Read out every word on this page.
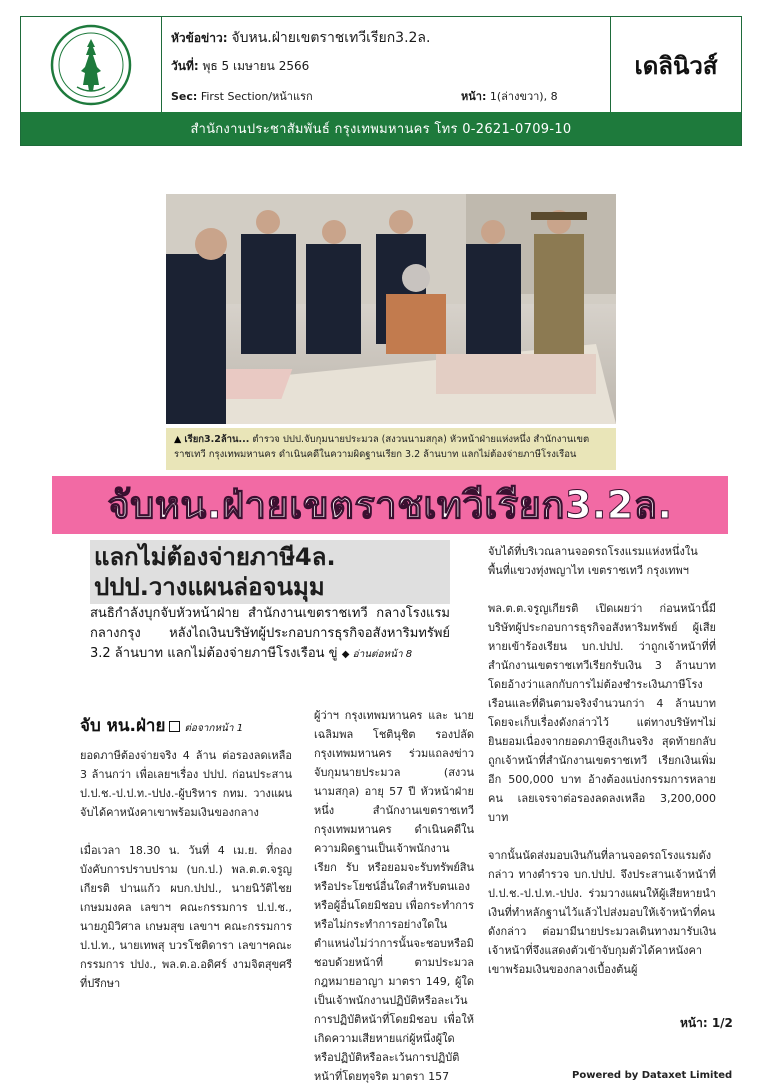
หัวข้อข่าว: จับหน.ฝ่ายเขตราชเทวีเรียก3.2ล.
วันที่: พุธ 5 เมษายน 2566
Sec: First Section/หน้าแรก	หน้า: 1(ล่างขวา), 8
เดลินิวส์
สำนักงานประชาสัมพันธ์ กรุงเทพมหานคร โทร 0-2621-0709-10
▲ เรียก3.2ล้าน... ตำรวจ ปปป.จับกุมนายประมวล (สงวนนามสกุล) หัวหน้าฝ่ายแห่งหนึ่ง สำนักงานเขตราชเทวี กรุงเทพมหานคร ดำเนินคดีในความผิดฐานเรียก 3.2 ล้านบาท แลกไม่ต้องจ่ายภาษีโรงเรือน
จับหน.ฝ่ายเขตราชเทวีเรียก3.2ล.
แลกไม่ต้องจ่ายภาษี4ล.
ปปป.วางแผนล่อจนมุม
สนธิกำลังบุกจับหัวหน้าฝ่าย สำนักงานเขตราชเทวี กลางโรงแรมกลางกรุง หลังไถเงินบริษัทผู้ประกอบการธุรกิจอสังหาริมทรัพย์ 3.2 ล้านบาท แลกไม่ต้องจ่ายภาษีโรงเรือน ขู่ ◆ อ่านต่อหน้า 8
จับ หน.ฝ่าย ต่อจากหน้า 1
ยอดภาษีต้องจ่ายจริง 4 ล้าน ต่อรองลดเหลือ 3 ล้านกว่า เพื่อเลยฯเรื่อง ปปป. ก่อนประสาน ป.ป.ช.-ป.ป.ท.-ปปง.-ผู้บริหาร กทม. วางแผนจับได้คาหนังคาเขาพร้อมเงินของกลาง

เมื่อเวลา 18.30 น. วันที่ 4 เม.ย. ที่กองบังคับการปราบปราม (บก.ป.) พล.ต.ต.จรูญเกียรติ ปานแก้ว ผบก.ปปป., นายนิวัติไชย เกษมมงคล เลขาฯ คณะกรรมการ ป.ป.ช., นายภูมิวิศาล เกษมสุข เลขาฯ คณะกรรมการ ป.ป.ท., นายเทพสุ บวรโชติดารา เลขาฯคณะกรรมการ ปปง., พล.ต.อ.อดิศร์ งามจิตสุขศรี ที่ปรึกษา
ผู้ว่าฯ กรุงเทพมหานคร และ นายเฉลิมพล โชตินุชิต รองปลัดกรุงเทพมหานคร ร่วมแถลงข่าวจับกุมนายประมวล (สงวนนามสกุล) อายุ 57 ปี หัวหน้าฝ่ายหนึ่ง สำนักงานเขตราชเทวี กรุงเทพมหานคร ดำเนินคดีในความผิดฐานเป็นเจ้าพนักงาน เรียก รับ หรือยอมจะรับทรัพย์สินหรือประโยชน์อื่นใดสำหรับตนเองหรือผู้อื่นโดยมิชอบ เพื่อกระทำการหรือไม่กระทำการอย่างใดในตำแหน่งไม่ว่าการนั้นจะชอบหรือมิชอบด้วยหน้าที่ ตามประมวลกฎหมายอาญา มาตรา 149, ผู้ใดเป็นเจ้าพนักงานปฏิบัติหรือละเว้นการปฏิบัติหน้าที่โดยมิชอบ เพื่อให้เกิดความเสียหายแก่ผู้หนึ่งผู้ใด หรือปฏิบัติหรือละเว้นการปฏิบัติหน้าที่โดยทุจริต มาตรา 157
จับได้ที่บริเวณลานจอดรถโรงแรมแห่งหนึ่งในพื้นที่แขวงทุ่งพญาไท เขตราชเทวี กรุงเทพฯ

พล.ต.ต.จรูญเกียรติ เปิดเผยว่า ก่อนหน้านี้มีบริษัทผู้ประกอบการธุรกิจอสังหาริมทรัพย์ ผู้เสียหายเข้าร้องเรียน บก.ปปป. ว่าถูกเจ้าหน้าที่ที่สำนักงานเขตราชเทวีเรียกรับเงิน 3 ล้านบาท โดยอ้างว่าแลกกับการไม่ต้องชำระเงินภาษีโรงเรือนและที่ดินตามจริงจำนวนกว่า 4 ล้านบาทโดยจะเก็บเรื่องดังกล่าวไว้ แต่ทางบริษัทฯไม่ยินยอมเนื่องจากยอดภาษีสูงเกินจริง สุดท้ายกลับถูกเจ้าหน้าที่สำนักงานเขตราชเทวี เรียกเงินเพิ่มอีก 500,000 บาท อ้างต้องแบ่งกรรมการหลายคน เลยเจรจาต่อรองลดลงเหลือ 3,200,000 บาท

จากนั้นนัดส่งมอบเงินกันที่ลานจอดรถโรงแรมดังกล่าว ทางตำรวจ บก.ปปป. จึงประสานเจ้าหน้าที่ ป.ป.ช.-ป.ป.ท.-ปปง. ร่วมวางแผนให้ผู้เสียหายนำเงินที่ทำหลักฐานไว้แล้วไปส่งมอบให้เจ้าหน้าที่คนดังกล่าว ต่อมามีนายประมวลเดินทางมารับเงิน เจ้าหน้าที่จึงแสดงตัวเข้าจับกุมตัวได้คาหนังคาเขาพร้อมเงินของกลางเบื้องต้นผู้
หน้า: 1/2
Powered by Dataxet Limited
